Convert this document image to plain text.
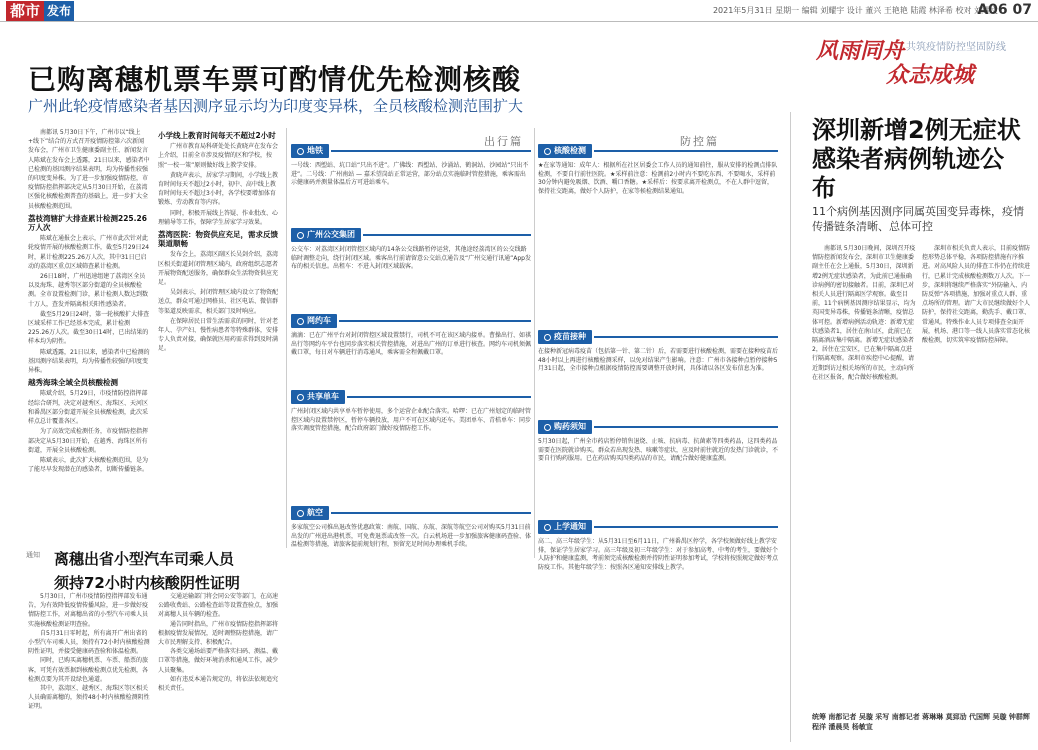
都市 发布	2021年5月31日 星期一 编辑 刘耀宇 设计 董兴 王艳艳 陆霞 林泽希 校对 刘耀文
A06 07
风雨同舟 共筑疫情防控坚固防线
众志成城
已购离穗机票车票可酌情优先检测核酸
广州此轮疫情感染者基因测序显示均为印度变异株，全员核酸检测范围扩大

南都讯 5月30日下午，广州市以“线上+线下”结合的方式召开疫情防控第六次新闻发布会，广州市卫生健康委副主任、新闻发言人陈斌在发布会上透露，21日以来，感染者中已检测的基因测序结果表明，均为传播性较强的印度变异株。为了进一步加强疫情防控，市疫情防控指挥部决定从5月30日开始，在荔湾区强化核酸检测普查的基础上，进一步扩大全员核酸检测范围。

荔枝湾辖扩大排查累计检测225.26万人次

陈斌在通报会上表示，广州市此次针对此轮疫情开展的核酸检测工作，截至5月29日24时，累计检测225.26万人次，其中31日已启动的荔湾区重点区域筛查累计检测。

26日18时，广州迅速组建了荔湾区全员以及海珠、越秀等区部分街道的全员核酸检测。全市设置检测门诊，累计检测人数达到数十万人，查发并隔离相关阳性感染者。

截至5月29日24时，第一轮核酸扩大排查区域采样工作已经基本完成，累计检测225.26万人次。截至30日14时，已出结果的样本均为阴性。

陈斌透露，21日以来，感染者中已检测的基因测序结果表明，均为传播性较强的印度变异株。

越秀海珠全域全员核酸检测

陈斌介绍，5月29日，市疫情防控指挥部经综合研判，决定对越秀区、海珠区、天河区和番禺区部分街道开展全员核酸检测，此次采样点总计覆盖各区。

为了高效完成检测任务，市疫情防控指挥部决定从5月30日开始，在越秀、海珠区所有街道，开展全员核酸检测。

陈斌表示，此次扩大核酸检测范围，是为了能尽早发现潜在的感染者，切断传播链条。

小学线上教育时间每天不超过2小时

广州市教育局科研处处长黄晓声在发布会上介绍，目前全市涉及疫情的区和学校，按照“一校一策”原则做好线上教学安排。

黄晓声表示，居家学习期间，小学线上教育时间每天不超过2小时，初中、高中线上教育时间每天不超过3小时，各学校要增加体育锻炼、劳动教育等内容。

同时，积极开展线上答疑、作业批改、心理辅导等工作，保障学生居家学习效果。

荔湾医院：物资供应充足，需求反馈渠道顺畅

发布会上，荔湾区副区长吴剑介绍，荔湾区相关街道封闭管理区域内，政府组织志愿者开展物资配送服务，确保群众生活物资供应充足。

吴剑表示，封闭管理区域内设立了物资配送点，群众可通过网格员、社区电话、微信群等渠道反映需求，相关部门及时响应。

在保障居民日常生活需求的同时，针对老年人、孕产妇、慢性病患者等特殊群体，安排专人负责对接，确保就医用药需求得到及时满足。

出行篇	防控篇
地铁
一号线：西塱站、坑口站“只出不进”。广佛线：西塱站、沙涌站、鹤洞站、沙园站“只出不进”。二号线：广州南站 — 嘉禾望岗站正常运营，部分站点实施临时管控措施，乘客需出示健康码并测量体温后方可进站乘车。
广州公交集团
公交车：对荔湾区封闭管控区域内的14条公交线路暂停运营，其他途经荔湾区的公交线路临时调整走向，绕行封闭区域。乘客出行前请留意公交站点通告及“广州交通行讯通”App发布的相关信息。出租车：不进入封闭区域载客。
网约车
滴滴：已在广州平台对封闭管控区域设置禁行，司机不可在该区域内接单。曹操出行、如祺出行等网约车平台也同步落实相关管控措施，对进出广州的订单进行核查。网约车司机须佩戴口罩，每日对车辆进行消毒通风，乘客需全程佩戴口罩。
共享单车
广州封闭区域内共享单车暂停使用，多个运营企业配合落实。哈啰：已在广州划定的临时管控区域内设置禁停区，暂停车辆投放，用户不可在区域内还车。美团单车、青桔单车：同步落实调度管控措施，配合政府部门做好疫情防控工作。
航空
多家航空公司推出退改签优惠政策：南航、国航、东航、深航等航空公司对购买5月31日前出发的广州进出港机票，可免费退票或改签一次。白云机场进一步加强旅客健康码查验、体温检测等措施，请旅客提前规划行程，预留充足时间办理乘机手续。
核酸检测
★在家等通知：成年人：根据所在社区居委会工作人员的通知前往，服从安排的检测点排队检测，不要自行前往医院。★采样前注意：检测前2小时内不要吃东西、不要喝水，采样前30分钟内避免吸烟、饮酒、嚼口香糖。★采样后：按要求离开检测点，不在人群中逗留，保持社交距离，做好个人防护，在家等候检测结果通知。
疫苗接种
在接种新冠病毒疫苗（包括第一针、第二针）后，若需要进行核酸检测，需要在接种疫苗后48小时以上再进行核酸检测采样，以免对结果产生影响。注意：广州市各接种点暂停接种5月31日起，全市接种点根据疫情防控需要调整开放时间，具体请以各区发布信息为准。
购药须知
5月30日起，广州全市药店暂停销售退烧、止咳、抗病毒、抗菌素等四类药品，这四类药品需要在医院就诊购买。群众若出现发热、咳嗽等症状，应及时前往就近的发热门诊就诊，不要自行购药服用。已在药店购买四类药品的市民，请配合做好健康监测。
上学通知
高二、高三年级学生：从5月31日至6月11日，广州番禺区停学，各学校须做好线上教学安排，保证学生居家学习。高三年级及初三年级学生：对于参加高考、中考的考生，要做好个人防护和健康监测，考前须完成核酸检测并持阴性证明参加考试，学校将按照规定做好考点防疫工作。其他年级学生：按照各区通知安排线上教学。
通知 离穗出省小型汽车司乘人员
须持72小时内核酸阴性证明

5月30日，广州市疫情防控指挥部发布通告，为有效降低疫情传播风险，进一步做好疫情防控工作，对离穗出省的小型汽车司乘人员实施核酸检测证明查验。

自5月31日零时起，所有离开广州出省的小型汽车司乘人员，须持有72小时内核酸检测阴性证明，并接受健康码查验和体温检测。

同时，已购买离穗机票、车票、船票的旅客，可凭有效票据到核酸检测点优先检测，各检测点要为其开设绿色通道。

其中，荔湾区、越秀区、海珠区等区相关人员确需离穗的，须持48小时内核酸检测阴性证明。

交通运输部门将会同公安等部门，在高速公路收费站、公路检查站等设置查验点，加强对离穗人员车辆的检查。

通告同时指出，广州市疫情防控指挥部将根据疫情发展情况，适时调整防控措施，请广大市民理解支持、积极配合。

各类交通场站要严格落实扫码、测温、戴口罩等措施，做好环境消杀和通风工作，减少人员聚集。

如有违反本通告规定的，将依法依规追究相关责任。

深圳新增2例无症状感染者病例轨迹公布
11个病例基因测序同属英国变异毒株，疫情传播链条清晰、总体可控

南都讯 5月30日晚间，深圳召开疫情防控新闻发布会，深圳市卫生健康委副主任在会上通报，5月30日，深圳新增2例无症状感染者，为此前已通报确诊病例的密切接触者。目前，深圳已对相关人员进行隔离医学观察。截至目前，11个病例基因测序结果显示，均为英国变异毒株，传播链条清晰，疫情总体可控。新增病例活动轨迹：新增无症状感染者1，居住在南山区，此前已在隔离酒店集中隔离。新增无症状感染者2，居住在宝安区，已在集中隔离点进行隔离观察。深圳市疾控中心提醒，请近期到访过相关场所的市民，主动向所在社区报备，配合做好核酸检测。

深圳市相关负责人表示，目前疫情防控形势总体平稳，各项防控措施有序推进。对高风险人员的排查工作仍在持续进行，已累计完成核酸检测数万人次。下一步，深圳将继续严格落实“外防输入、内防反弹”各项措施，加强对重点人群、重点场所的管理。请广大市民继续做好个人防护，保持社交距离，勤洗手、戴口罩、常通风。特殊作业人员专项排查全面开展，机场、港口等一线人员落实常态化核酸检测，切实筑牢疫情防控屏障。

统筹 南都记者 吴璇 采写 南都记者 蒋琳琳 莫郅劢 代国辉 吴璇 钟群辉 程洋 潘晨昊 杨敏宣
